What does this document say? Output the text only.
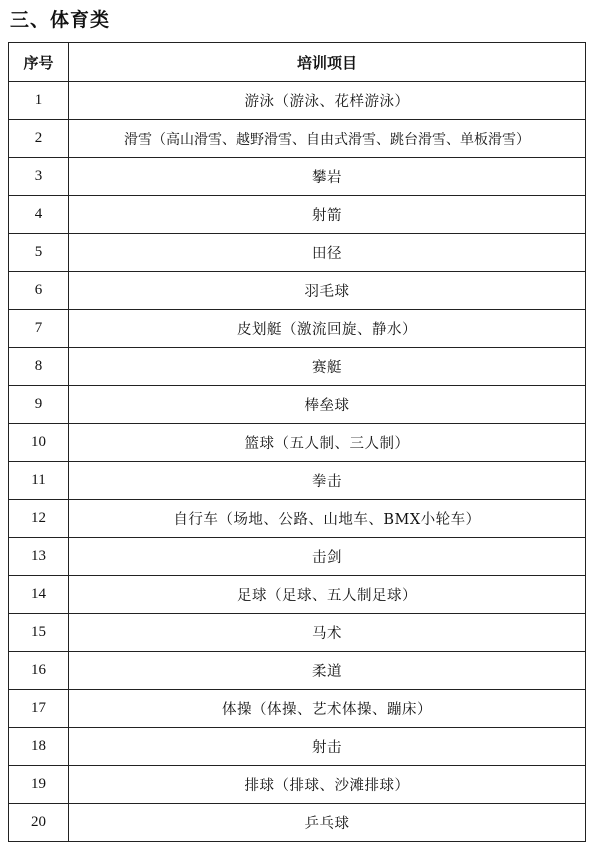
三、体育类
序号	培训项目
1	游泳（游泳、花样游泳）
2	滑雪（高山滑雪、越野滑雪、自由式滑雪、跳台滑雪、单板滑雪）
3	攀岩
4	射箭
5	田径
6	羽毛球
7	皮划艇（激流回旋、静水）
8	赛艇
9	棒垒球
10	篮球（五人制、三人制）
11	拳击
12	自行车（场地、公路、山地车、BMX小轮车）
13	击剑
14	足球（足球、五人制足球）
15	马术
16	柔道
17	体操（体操、艺术体操、蹦床）
18	射击
19	排球（排球、沙滩排球）
20	乒乓球
